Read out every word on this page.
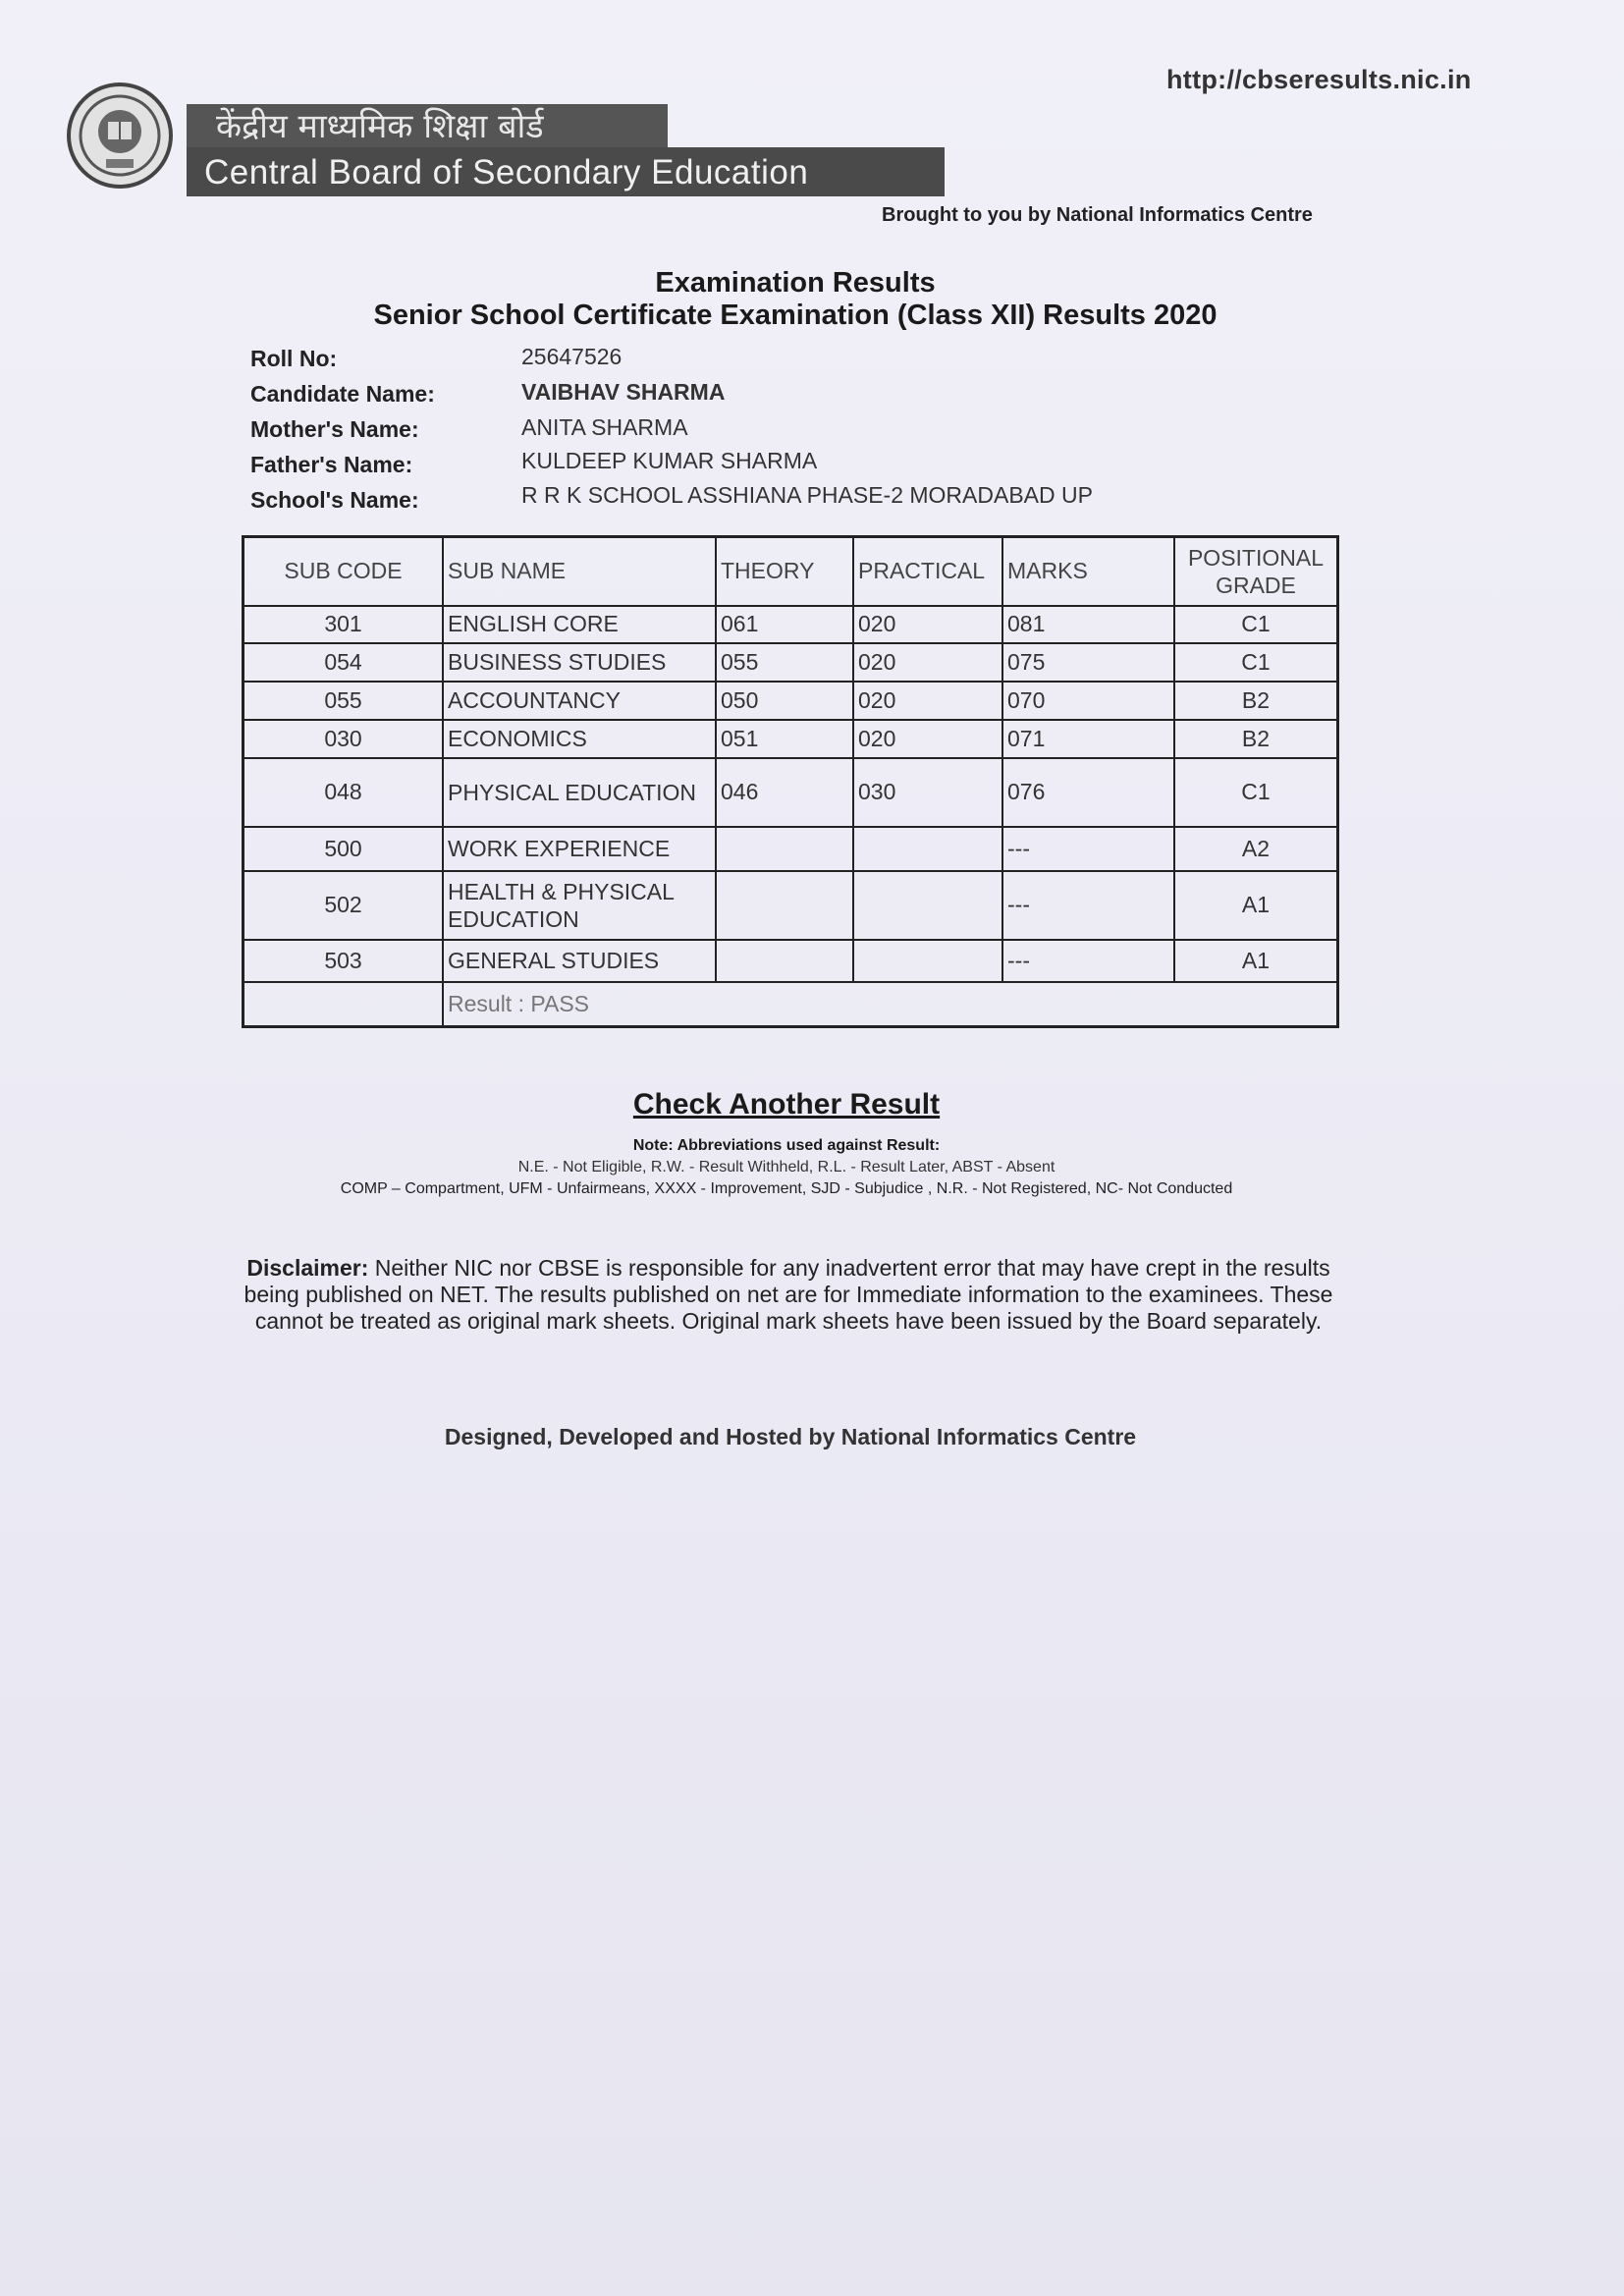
http://cbseresults.nic.in
केंद्रीय माध्यमिक शिक्षा बोर्ड
Central Board of Secondary Education
Brought to you by National Informatics Centre
Examination Results
Senior School Certificate Examination (Class XII) Results 2020
Roll No:	25647526
Candidate Name:	VAIBHAV SHARMA
Mother's Name:	ANITA SHARMA
Father's Name:	KULDEEP KUMAR SHARMA
School's Name:	R R K SCHOOL ASSHIANA PHASE-2 MORADABAD UP
SUB CODE	SUB NAME	THEORY	PRACTICAL	MARKS	POSITIONAL GRADE
301	ENGLISH CORE	061	020	081	C1
054	BUSINESS STUDIES	055	020	075	C1
055	ACCOUNTANCY	050	020	070	B2
030	ECONOMICS	051	020	071	B2
048	PHYSICAL EDUCATION	046	030	076	C1
500	WORK EXPERIENCE			---	A2
502	HEALTH & PHYSICAL EDUCATION			---	A1
503	GENERAL STUDIES			---	A1
	Result : PASS				
Check Another Result
Note: Abbreviations used against Result:
N.E. - Not Eligible, R.W. - Result Withheld, R.L. - Result Later, ABST - Absent
COMP – Compartment, UFM - Unfairmeans, XXXX - Improvement, SJD - Subjudice , N.R. - Not Registered, NC- Not Conducted
Disclaimer: Neither NIC nor CBSE is responsible for any inadvertent error that may have crept in the results being published on NET. The results published on net are for Immediate information to the examinees. These cannot be treated as original mark sheets. Original mark sheets have been issued by the Board separately.
Designed, Developed and Hosted by National Informatics Centre
